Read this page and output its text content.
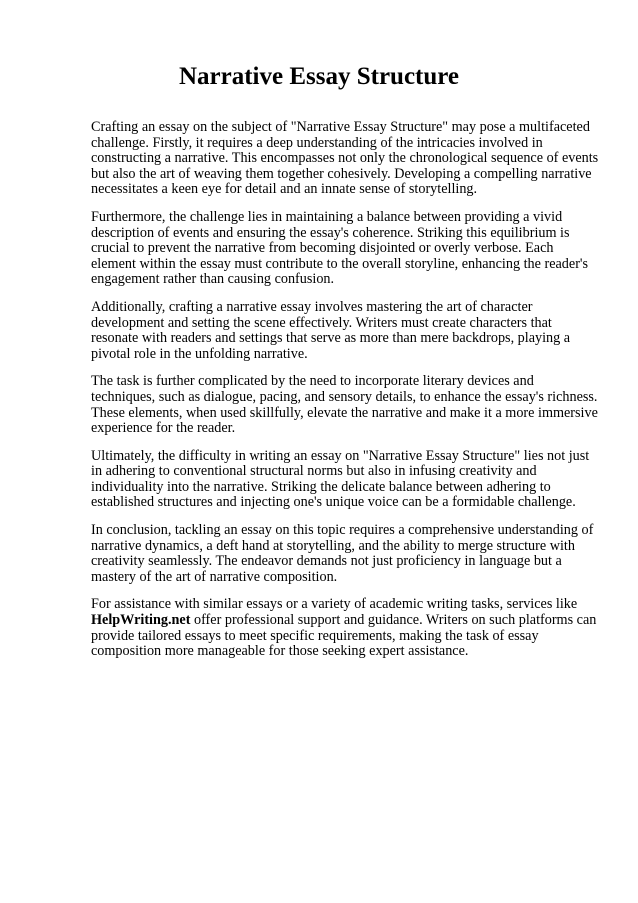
Narrative Essay Structure

Crafting an essay on the subject of "Narrative Essay Structure" may pose a multifaceted challenge. Firstly, it requires a deep understanding of the intricacies involved in constructing a narrative. This encompasses not only the chronological sequence of events but also the art of weaving them together cohesively. Developing a compelling narrative necessitates a keen eye for detail and an innate sense of storytelling.

Furthermore, the challenge lies in maintaining a balance between providing a vivid description of events and ensuring the essay's coherence. Striking this equilibrium is crucial to prevent the narrative from becoming disjointed or overly verbose. Each element within the essay must contribute to the overall storyline, enhancing the reader's engagement rather than causing confusion.

Additionally, crafting a narrative essay involves mastering the art of character development and setting the scene effectively. Writers must create characters that resonate with readers and settings that serve as more than mere backdrops, playing a pivotal role in the unfolding narrative.

The task is further complicated by the need to incorporate literary devices and techniques, such as dialogue, pacing, and sensory details, to enhance the essay's richness. These elements, when used skillfully, elevate the narrative and make it a more immersive experience for the reader.

Ultimately, the difficulty in writing an essay on "Narrative Essay Structure" lies not just in adhering to conventional structural norms but also in infusing creativity and individuality into the narrative. Striking the delicate balance between adhering to established structures and injecting one's unique voice can be a formidable challenge.

In conclusion, tackling an essay on this topic requires a comprehensive understanding of narrative dynamics, a deft hand at storytelling, and the ability to merge structure with creativity seamlessly. The endeavor demands not just proficiency in language but a mastery of the art of narrative composition.

For assistance with similar essays or a variety of academic writing tasks, services like HelpWriting.net offer professional support and guidance. Writers on such platforms can provide tailored essays to meet specific requirements, making the task of essay composition more manageable for those seeking expert assistance.
